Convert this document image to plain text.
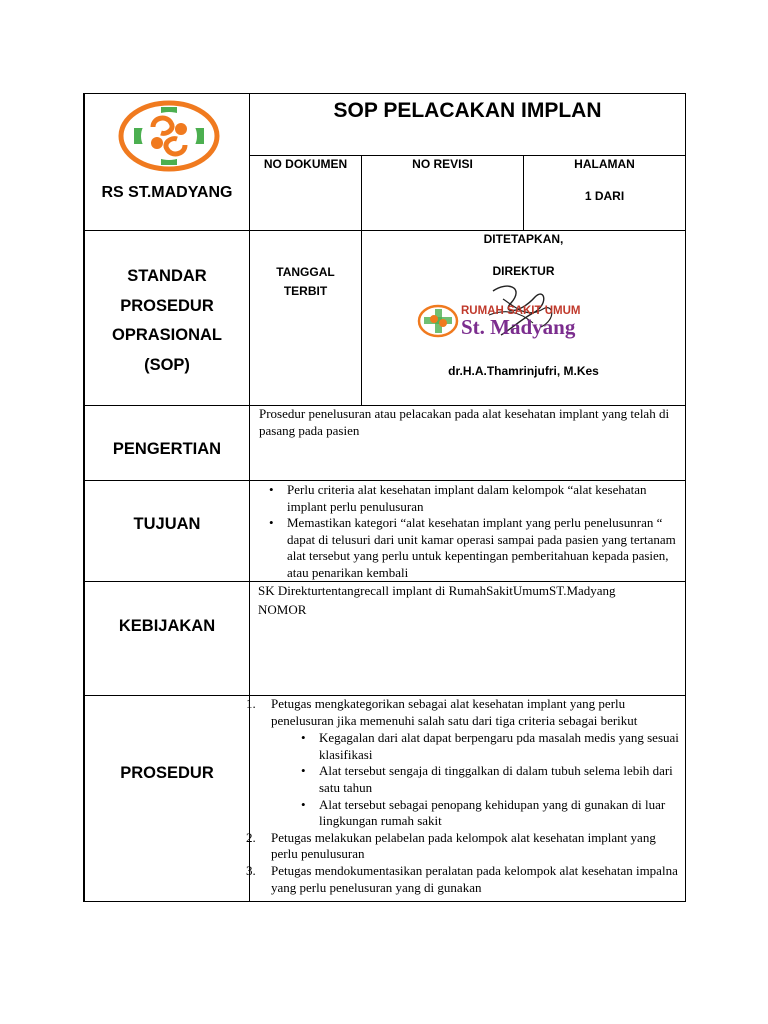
RS ST.MADYANG
SOP PELACAKAN IMPLAN
NO DOKUMEN	NO REVISI	HALAMAN
1 DARI
STANDAR
PROSEDUR
OPRASIONAL
(SOP)
TANGGAL
TERBIT
DITETAPKAN,
DIREKTUR
RUMAH SAKIT UMUM
St. Madyang
dr.H.A.Thamrinjufri, M.Kes
PENGERTIAN
TUJUAN
KEBIJAKAN
PROSEDUR
Prosedur penelusuran atau pelacakan pada alat kesehatan implant yang telah di pasang pada pasien
• Perlu criteria alat kesehatan implant dalam kelompok “alat kesehatan implant perlu penulusuran
• Memastikan kategori “alat kesehatan implant yang perlu penelusunran “ dapat di telusuri dari unit kamar operasi sampai pada pasien yang tertanam alat tersebut yang perlu untuk kepentingan pemberitahuan kepada pasien, atau penarikan kembali
SK Direkturtentangrecall implant di RumahSakitUmumST.Madyang
NOMOR
1. Petugas mengkategorikan sebagai alat kesehatan implant yang perlu penelusuran jika memenuhi salah satu dari tiga criteria sebagai berikut
• Kegagalan dari alat dapat berpengaru pda masalah medis yang sesuai klasifikasi
• Alat tersebut sengaja di tinggalkan di dalam tubuh selema lebih dari satu tahun
• Alat tersebut sebagai penopang kehidupan yang di gunakan di luar lingkungan rumah sakit
2. Petugas melakukan pelabelan pada kelompok alat kesehatan implant yang perlu penulusuran
3. Petugas mendokumentasikan peralatan pada kelompok alat kesehatan impalna yang perlu penelusuran yang di gunakan
